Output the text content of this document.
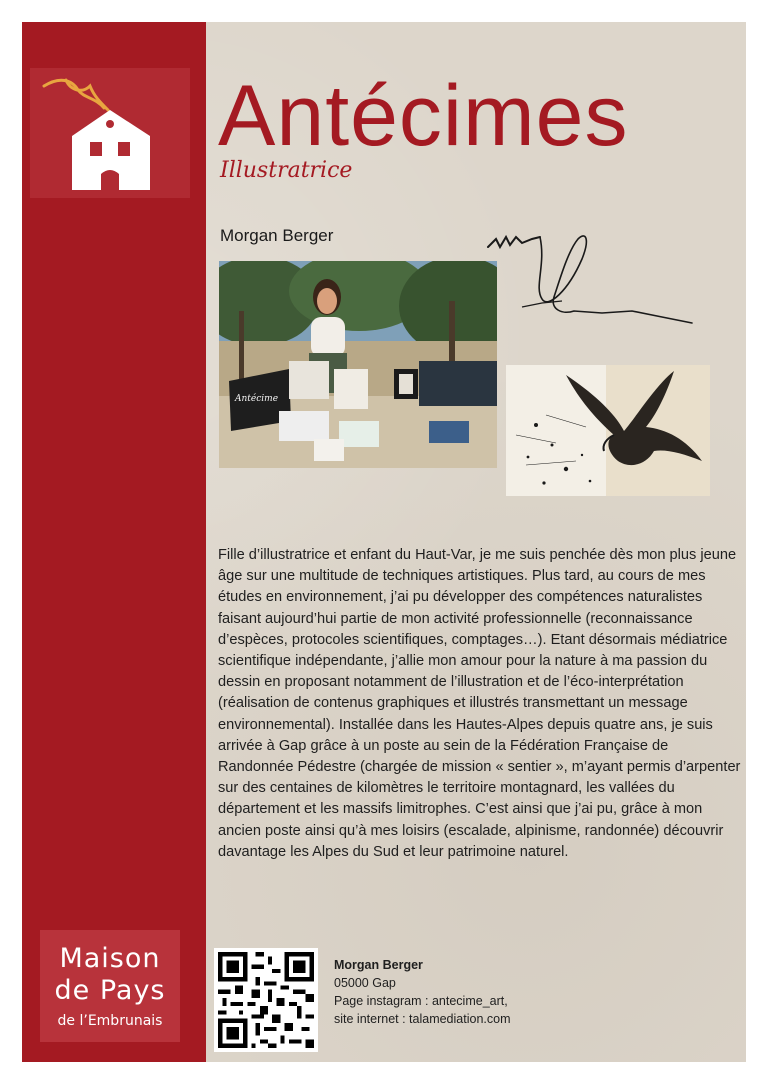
Antécimes
Illustratrice
Morgan Berger
Antécime

Fille d’illustratrice et enfant du Haut-Var, je me suis penchée dès mon plus jeune âge sur une multitude de techniques artistiques. Plus tard, au cours de mes études en environnement, j’ai pu développer des compétences naturalistes faisant aujourd’hui partie de mon activité professionnelle (reconnaissance d’espèces, protocoles scientifiques, comptages…). Etant désormais médiatrice scientifique indépendante, j’allie mon amour pour la nature à ma passion du dessin en proposant notamment de l’illustration et de l’éco-interprétation (réalisation de contenus graphiques et illustrés transmettant un message environnemental). Installée dans les Hautes-Alpes depuis quatre ans, je suis arrivée à Gap grâce à un poste au sein de la Fédération Française de Randonnée Pédestre (chargée de mission « sentier », m’ayant permis d’arpenter sur des centaines de kilomètres le territoire montagnard, les vallées du département et les massifs limitrophes. C’est ainsi que j’ai pu, grâce à mon ancien poste ainsi qu’à mes loisirs (escalade, alpinisme, randonnée) découvrir davantage les Alpes du Sud et leur patrimoine naturel.

Morgan Berger
05000 Gap
Page instagram : antecime_art,
site internet : talamediation.com
Maison
de Pays
de l’Embrunais
